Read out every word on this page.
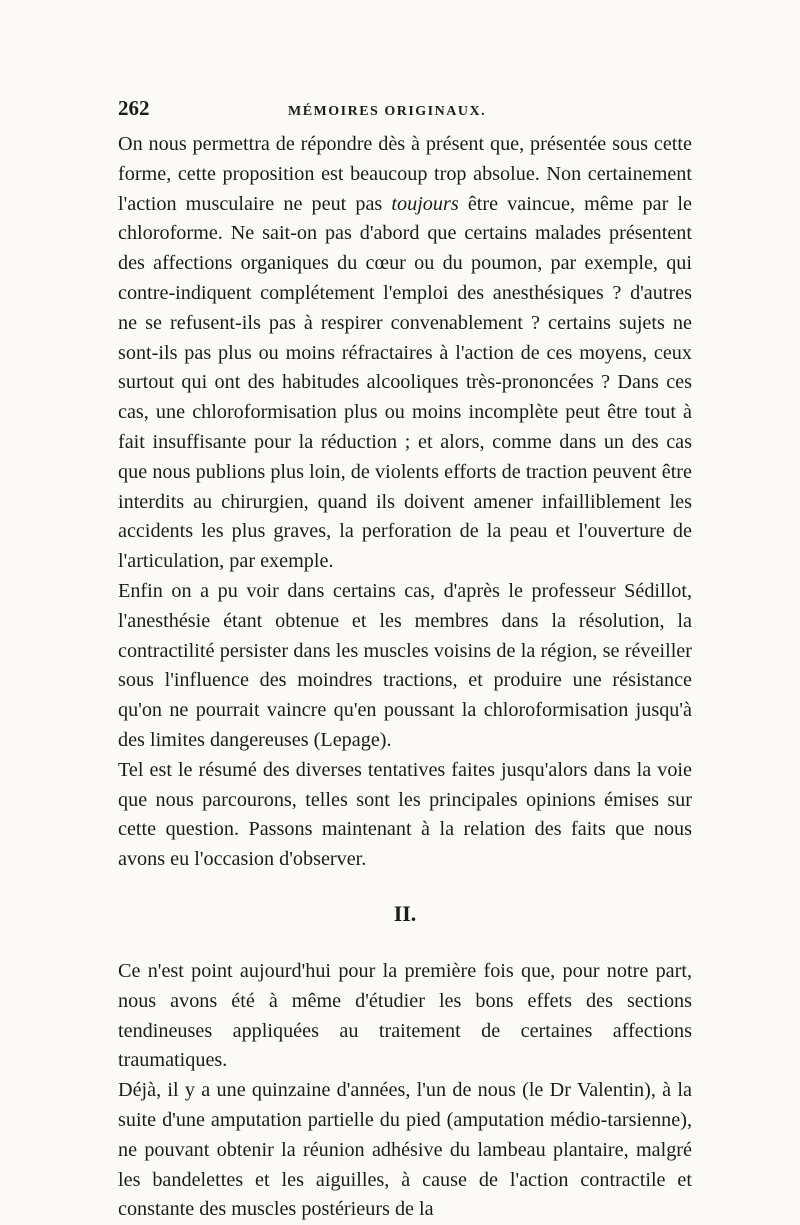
262	MÉMOIRES ORIGINAUX.

On nous permettra de répondre dès à présent que, présentée sous cette forme, cette proposition est beaucoup trop absolue. Non certainement l'action musculaire ne peut pas toujours être vaincue, même par le chloroforme. Ne sait-on pas d'abord que certains malades présentent des affections organiques du cœur ou du poumon, par exemple, qui contre-indiquent complétement l'emploi des anesthésiques ? d'autres ne se refusent-ils pas à respirer convenablement ? certains sujets ne sont-ils pas plus ou moins réfractaires à l'action de ces moyens, ceux surtout qui ont des habitudes alcooliques très-prononcées ? Dans ces cas, une chloroformisation plus ou moins incomplète peut être tout à fait insuffisante pour la réduction ; et alors, comme dans un des cas que nous publions plus loin, de violents efforts de traction peuvent être interdits au chirurgien, quand ils doivent amener infailliblement les accidents les plus graves, la perforation de la peau et l'ouverture de l'articulation, par exemple.

Enfin on a pu voir dans certains cas, d'après le professeur Sédillot, l'anesthésie étant obtenue et les membres dans la résolution, la contractilité persister dans les muscles voisins de la région, se réveiller sous l'influence des moindres tractions, et produire une résistance qu'on ne pourrait vaincre qu'en poussant la chloroformisation jusqu'à des limites dangereuses (Lepage).

Tel est le résumé des diverses tentatives faites jusqu'alors dans la voie que nous parcourons, telles sont les principales opinions émises sur cette question. Passons maintenant à la relation des faits que nous avons eu l'occasion d'observer.

II.

Ce n'est point aujourd'hui pour la première fois que, pour notre part, nous avons été à même d'étudier les bons effets des sections tendineuses appliquées au traitement de certaines affections traumatiques.

Déjà, il y a une quinzaine d'années, l'un de nous (le Dr Valentin), à la suite d'une amputation partielle du pied (amputation médio-tarsienne), ne pouvant obtenir la réunion adhésive du lambeau plantaire, malgré les bandelettes et les aiguilles, à cause de l'action contractile et constante des muscles postérieurs de la
